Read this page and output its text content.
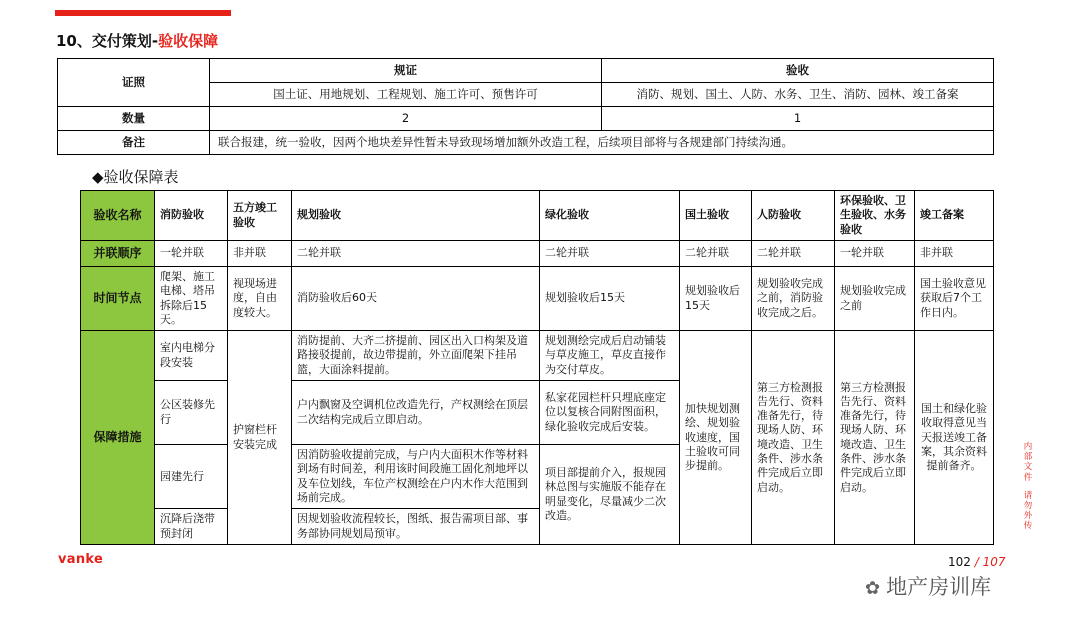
10、交付策划-验收保障
证照	规证	验收
	国土证、用地规划、工程规划、施工许可、预售许可	消防、规划、国土、人防、水务、卫生、消防、园林、竣工备案
数量	2	1
备注	联合报建，统一验收，因两个地块差异性暂未导致现场增加额外改造工程，后续项目部将与各规建部门持续沟通。	
◆验收保障表
验收名称	消防验收	五方竣工验收	规划验收	绿化验收	国土验收	人防验收	环保验收、卫生验收、水务验收	竣工备案
并联顺序	一轮并联	非并联	二轮并联	二轮并联	二轮并联	二轮并联	一轮并联	非并联
时间节点	爬架、施工电梯、塔吊拆除后15天。	视现场进度，自由度较大。	消防验收后60天	规划验收后15天	规划验收后15天	规划验收完成之前，消防验收完成之后。	规划验收完成之前	国土验收意见获取后7个工作日内。
保障措施	室内电梯分段安装	护窗栏杆安装完成	消防提前、大齐二挤提前、园区出入口构架及道路接驳提前，故边带提前，外立面爬架下挂吊篮，大面涂料提前。	规划测绘完成后启动铺装与草皮施工，草皮直接作为交付草皮。	加快规划测绘、规划验收速度，国土验收可同步提前。	第三方检测报告先行、资料准备先行，待现场人防、环境改造、卫生条件、涉水条件完成后立即启动。	第三方检测报告先行、资料准备先行，待现场人防、环境改造、卫生条件、涉水条件完成后立即启动。	国土和绿化验收取得意见当天报送竣工备案，其余资料提前备齐。
	公区装修先行		户内飘窗及空调机位改造先行，产权测绘在顶层二次结构完成后立即启动。	私家花园栏杆只埋底座定位以复核合同附图面积，绿化验收完成后安装。				
	园建先行		因消防验收提前完成，与户内大面积木作等材料到场有时间差，利用该时间段施工固化剂地坪以及车位划线，车位产权测绘在户内木作大范围到场前完成。	项目部提前介入，报规园林总图与实施版不能存在明显变化，尽量减少二次改造。				
	沉降后浇带预封闭		因规划验收流程较长，图纸、报告需项目部、事务部协同规划局预审。					
内
部
文
件
请
勿
外
传
vanke	102 / 107
✿ 地产房训库
